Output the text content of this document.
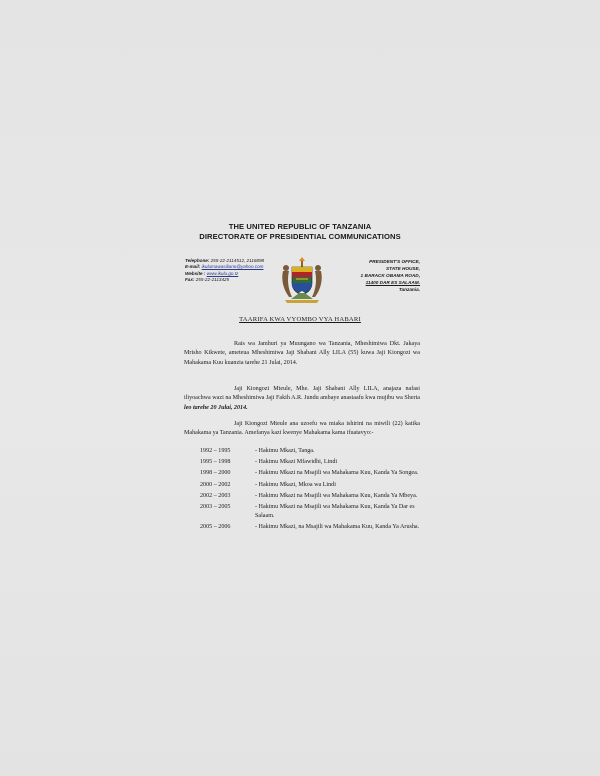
THE UNITED REPUBLIC OF TANZANIA
DIRECTORATE OF PRESIDENTIAL COMMUNICATIONS
Telephone: 255-22-2114512, 2116898
E-mail: ikulumawasiliano@yahoo.com
Website : www.ikulu.go.tz
Fax: 255-22-2113425
PRESIDENT'S OFFICE,
STATE HOUSE,
1 BARACK OBAMA ROAD,
11400 DAR ES SALAAM.
Tanzania.
TAARIFA KWA VYOMBO VYA HABARI

Rais wa Jamhuri ya Muungano wa Tanzania, Mheshimiwa Dkt. Jakaya Mrisho Kikwete, ameteua Mheshimiwa Jaji Shabani Ally LILA (55) kuwa Jaji Kiongozi wa Mahakama Kuu kuanzia tarehe 21 Julai, 2014.

Jaji Kiongozi Mteule, Mhe. Jaji Shabani Ally LILA, anajaza nafasi iliyoachwa wazi na Mheshimiwa Jaji Fakih A.R. Jundu ambaye anastaafu kwa mujibu wa Sheria leo tarehe 20 Julai, 2014.

Jaji Kiongozi Mteule ana uzoefu wa miaka ishirini na miwili (22) katika Mahakama ya Tanzania. Amefanya kazi kwenye Mahakama kama ifuatavyo:-

1992 – 1995	- Hakimu Mkazi, Tanga.
1995 – 1998	- Hakimu Mkazi Mfawidhi, Lindi
1998 – 2000	- Hakimu Mkazi na Msajili wa Mahakama Kuu, Kanda Ya Songea.
2000 – 2002	- Hakimu Mkazi, Mkoa wa Lindi
2002 – 2003	- Hakimu Mkazi na Msajili wa Mahakama Kuu, Kanda Ya Mbeya.
2003 – 2005	- Hakimu Mkazi na Msajili wa Mahakama Kuu, Kanda Ya Dar es Salaam.
2005 – 2006	- Hakimu Mkazi, na Msajili wa Mahakama Kuu, Kanda Ya Arusha.
